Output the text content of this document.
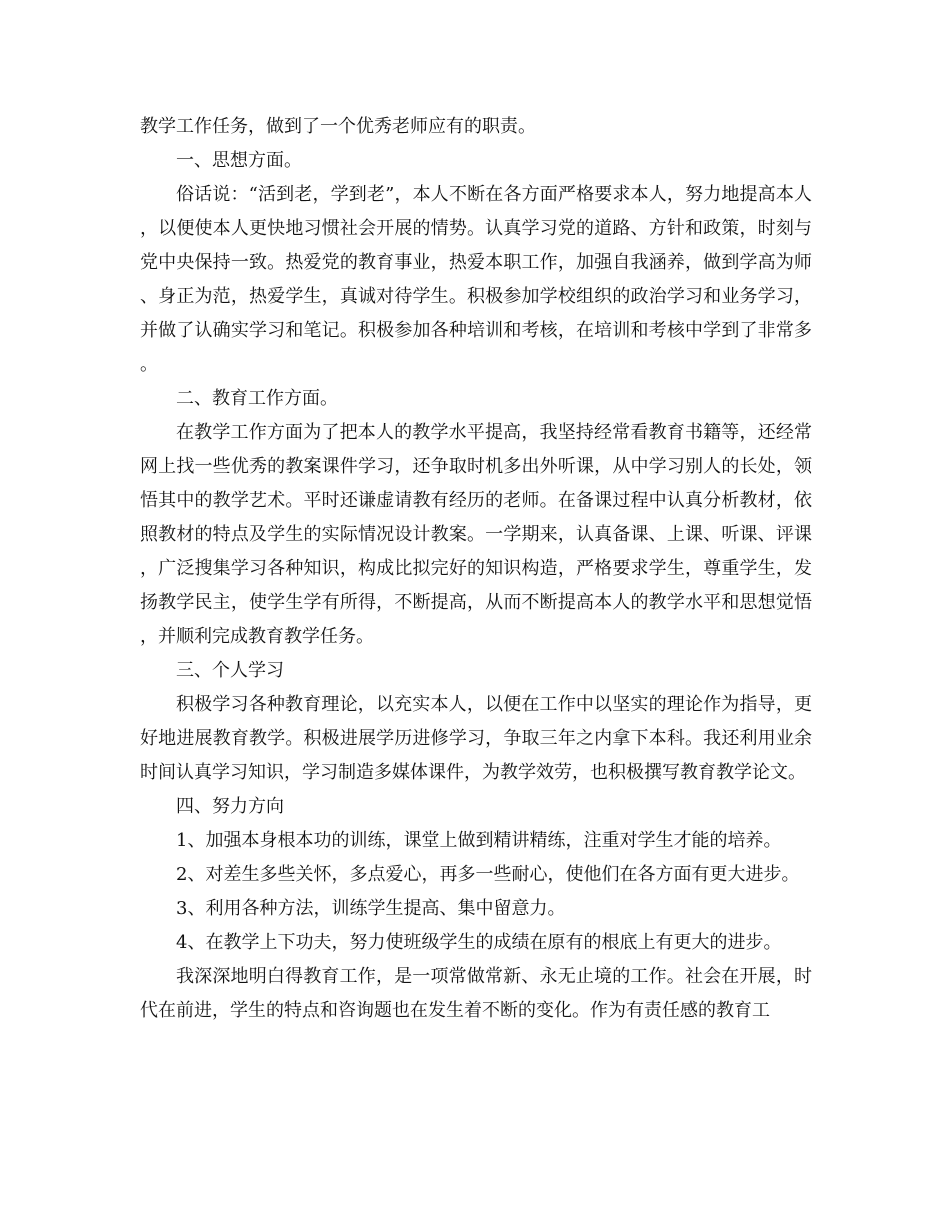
教学工作任务，做到了一个优秀老师应有的职责。

一、思想方面。

俗话说：“活到老，学到老”，本人不断在各方面严格要求本人，努力地提高本人，以便使本人更快地习惯社会开展的情势。认真学习党的道路、方针和政策，时刻与党中央保持一致。热爱党的教育事业，热爱本职工作，加强自我涵养，做到学高为师、身正为范，热爱学生，真诚对待学生。积极参加学校组织的政治学习和业务学习，并做了认确实学习和笔记。积极参加各种培训和考核，在培训和考核中学到了非常多。

二、教育工作方面。

在教学工作方面为了把本人的教学水平提高，我坚持经常看教育书籍等，还经常网上找一些优秀的教案课件学习，还争取时机多出外听课，从中学习别人的长处，领悟其中的教学艺术。平时还谦虚请教有经历的老师。在备课过程中认真分析教材，依照教材的特点及学生的实际情况设计教案。一学期来，认真备课、上课、听课、评课，广泛搜集学习各种知识，构成比拟完好的知识构造，严格要求学生，尊重学生，发扬教学民主，使学生学有所得，不断提高，从而不断提高本人的教学水平和思想觉悟，并顺利完成教育教学任务。

三、个人学习

积极学习各种教育理论，以充实本人，以便在工作中以坚实的理论作为指导，更好地进展教育教学。积极进展学历进修学习，争取三年之内拿下本科。我还利用业余时间认真学习知识，学习制造多媒体课件，为教学效劳，也积极撰写教育教学论文。

四、努力方向

1、加强本身根本功的训练，课堂上做到精讲精练，注重对学生才能的培养。

2、对差生多些关怀，多点爱心，再多一些耐心，使他们在各方面有更大进步。

3、利用各种方法，训练学生提高、集中留意力。

4、在教学上下功夫，努力使班级学生的成绩在原有的根底上有更大的进步。

我深深地明白得教育工作，是一项常做常新、永无止境的工作。社会在开展，时代在前进，学生的特点和咨询题也在发生着不断的变化。作为有责任感的教育工
